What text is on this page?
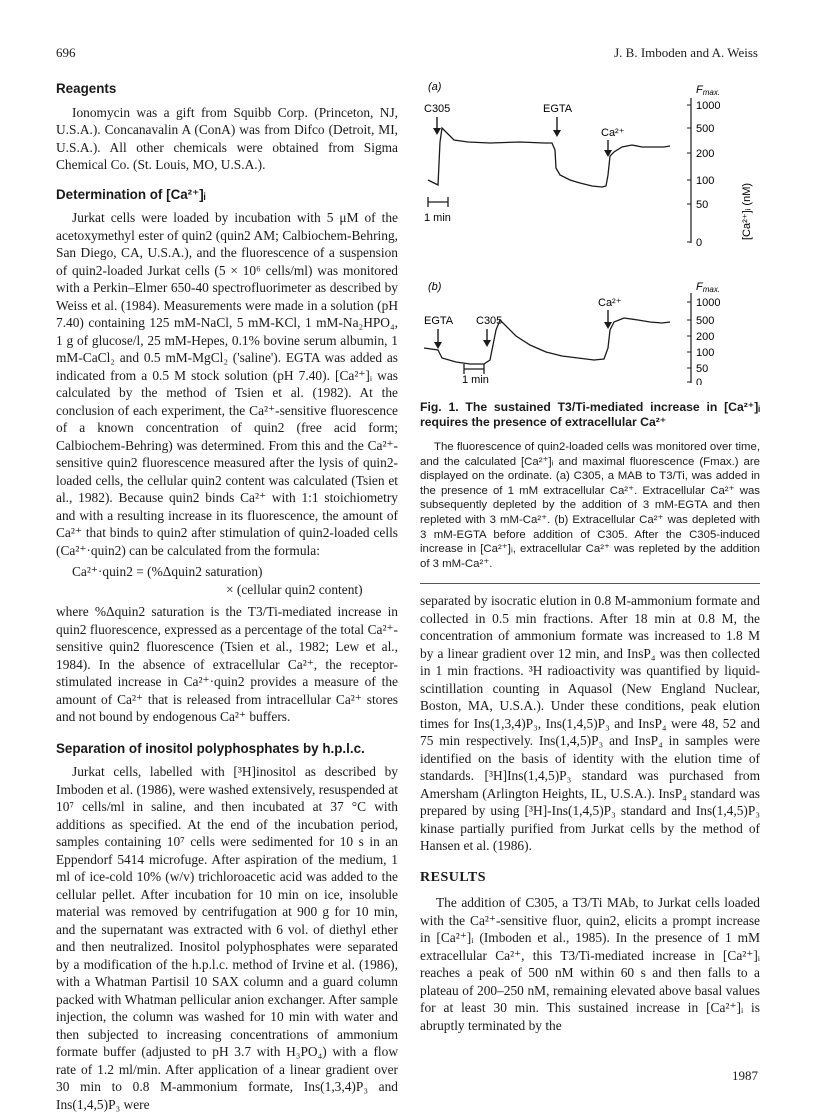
696	J. B. Imboden and A. Weiss
Reagents

Ionomycin was a gift from Squibb Corp. (Princeton, NJ, U.S.A.). Concanavalin A (ConA) was from Difco (Detroit, MI, U.S.A.). All other chemicals were obtained from Sigma Chemical Co. (St. Louis, MO, U.S.A.).

Determination of [Ca²⁺]ᵢ

Jurkat cells were loaded by incubation with 5 μM of the acetoxymethyl ester of quin2 (quin2 AM; Calbiochem-Behring, San Diego, CA, U.S.A.), and the fluorescence of a suspension of quin2-loaded Jurkat cells (5 × 10⁶ cells/ml) was monitored with a Perkin–Elmer 650-40 spectrofluorimeter as described by Weiss et al. (1984). Measurements were made in a solution (pH 7.40) containing 125 mM-NaCl, 5 mM-KCl, 1 mM-Na₂HPO₄, 1 g of glucose/l, 25 mM-Hepes, 0.1% bovine serum albumin, 1 mM-CaCl₂ and 0.5 mM-MgCl₂ ('saline'). EGTA was added as indicated from a 0.5 M stock solution (pH 7.40). [Ca²⁺]ᵢ was calculated by the method of Tsien et al. (1982). At the conclusion of each experiment, the Ca²⁺-sensitive fluorescence of a known concentration of quin2 (free acid form; Calbiochem-Behring) was determined. From this and the Ca²⁺-sensitive quin2 fluorescence measured after the lysis of quin2-loaded cells, the cellular quin2 content was calculated (Tsien et al., 1982). Because quin2 binds Ca²⁺ with 1:1 stoichiometry and with a resulting increase in its fluorescence, the amount of Ca²⁺ that binds to quin2 after stimulation of quin2-loaded cells (Ca²⁺·quin2) can be calculated from the formula:

Ca²⁺·quin2 = (%Δquin2 saturation)
× (cellular quin2 content)

where %Δquin2 saturation is the T3/Ti-mediated increase in quin2 fluorescence, expressed as a percentage of the total Ca²⁺-sensitive quin2 fluorescence (Tsien et al., 1982; Lew et al., 1984). In the absence of extracellular Ca²⁺, the receptor-stimulated increase in Ca²⁺·quin2 provides a measure of the amount of Ca²⁺ that is released from intracellular Ca²⁺ stores and not bound by endogenous Ca²⁺ buffers.

Separation of inositol polyphosphates by h.p.l.c.

Jurkat cells, labelled with [³H]inositol as described by Imboden et al. (1986), were washed extensively, resuspended at 10⁷ cells/ml in saline, and then incubated at 37 °C with additions as specified. At the end of the incubation period, samples containing 10⁷ cells were sedimented for 10 s in an Eppendorf 5414 microfuge. After aspiration of the medium, 1 ml of ice-cold 10% (w/v) trichloroacetic acid was added to the cellular pellet. After incubation for 10 min on ice, insoluble material was removed by centrifugation at 900 g for 10 min, and the supernatant was extracted with 6 vol. of diethyl ether and then neutralized. Inositol polyphosphates were separated by a modification of the h.p.l.c. method of Irvine et al. (1986), with a Whatman Partisil 10 SAX column and a guard column packed with Whatman pellicular anion exchanger. After sample injection, the column was washed for 10 min with water and then subjected to increasing concentrations of ammonium formate buffer (adjusted to pH 3.7 with H₃PO₄) with a flow rate of 1.2 ml/min. After application of a linear gradient over 30 min to 0.8 M-ammonium formate, Ins(1,3,4)P₃ and Ins(1,4,5)P₃ were

(a)
C305	EGTA
Ca²⁺
1 min
Fmax.
1000
500
200
100
50
0
[Ca²⁺]ᵢ (nM)
(b)
Ca²⁺
EGTA C305
1 min
Fmax.
1000
500
200
100
50
0
Fig. 1. The sustained T3/Ti-mediated increase in [Ca²⁺]ᵢ requires the presence of extracellular Ca²⁺
The fluorescence of quin2-loaded cells was monitored over time, and the calculated [Ca²⁺]ᵢ and maximal fluorescence (Fmax.) are displayed on the ordinate. (a) C305, a MAB to T3/Ti, was added in the presence of 1 mM extracellular Ca²⁺. Extracellular Ca²⁺ was subsequently depleted by the addition of 3 mM-EGTA and then repleted with 3 mM-Ca²⁺. (b) Extracellular Ca²⁺ was depleted with 3 mM-EGTA before addition of C305. After the C305-induced increase in [Ca²⁺]ᵢ, extracellular Ca²⁺ was repleted by the addition of 3 mM-Ca²⁺.

separated by isocratic elution in 0.8 M-ammonium formate and collected in 0.5 min fractions. After 18 min at 0.8 M, the concentration of ammonium formate was increased to 1.8 M by a linear gradient over 12 min, and InsP₄ was then collected in 1 min fractions. ³H radioactivity was quantified by liquid-scintillation counting in Aquasol (New England Nuclear, Boston, MA, U.S.A.). Under these conditions, peak elution times for Ins(1,3,4)P₃, Ins(1,4,5)P₃ and InsP₄ were 48, 52 and 75 min respectively. Ins(1,4,5)P₃ and InsP₄ in samples were identified on the basis of identity with the elution time of standards. [³H]Ins(1,4,5)P₃ standard was purchased from Amersham (Arlington Heights, IL, U.S.A.). InsP₄ standard was prepared by using [³H]-Ins(1,4,5)P₃ standard and Ins(1,4,5)P₃ kinase partially purified from Jurkat cells by the method of Hansen et al. (1986).

RESULTS

The addition of C305, a T3/Ti MAb, to Jurkat cells loaded with the Ca²⁺-sensitive fluor, quin2, elicits a prompt increase in [Ca²⁺]ᵢ (Imboden et al., 1985). In the presence of 1 mM extracellular Ca²⁺, this T3/Ti-mediated increase in [Ca²⁺]ᵢ reaches a peak of 500 nM within 60 s and then falls to a plateau of 200–250 nM, remaining elevated above basal values for at least 30 min. This sustained increase in [Ca²⁺]ᵢ is abruptly terminated by the

1987
